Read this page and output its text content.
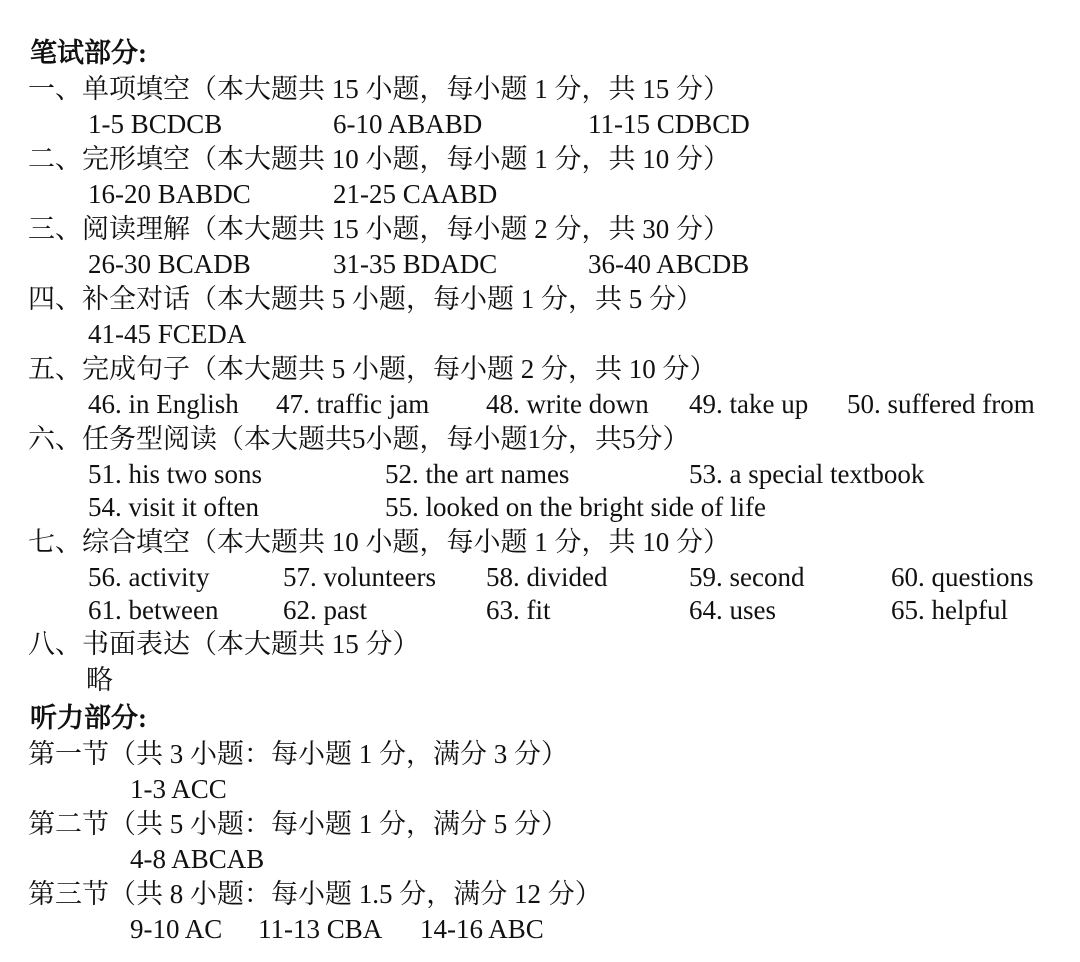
笔试部分:
一、单项填空（本大题共 15 小题，每小题 1 分，共 15 分）
1-5 BCDCB	6-10 ABABD	11-15 CDBCD
二、完形填空（本大题共 10 小题，每小题 1 分，共 10 分）
16-20 BABDC	21-25 CAABD
三、阅读理解（本大题共 15 小题，每小题 2 分，共 30 分）
26-30 BCADB	31-35 BDADC	36-40 ABCDB
四、补全对话（本大题共 5 小题，每小题 1 分，共 5 分）
41-45 FCEDA
五、完成句子（本大题共 5 小题，每小题 2 分，共 10 分）
46. in English 47. traffic jam 48. write down 49. take up 50. suffered from
六、任务型阅读（本大题共5小题，每小题1分，共5分）
51. his two sons	52. the art names	53. a special textbook
54. visit it often	55. looked on the bright side of life
七、综合填空（本大题共 10 小题，每小题 1 分，共 10 分）
56. activity	57. volunteers 58. divided	59. second	60. questions
61. between 62. past	63. fit	64. uses	65. helpful
八、书面表达（本大题共 15 分）
略
听力部分:
第一节（共 3 小题：每小题 1 分，满分 3 分）
1-3 ACC
第二节（共 5 小题：每小题 1 分，满分 5 分）
4-8 ABCAB
第三节（共 8 小题：每小题 1.5 分，满分 12 分）
9-10 AC 11-13 CBA 14-16 ABC
